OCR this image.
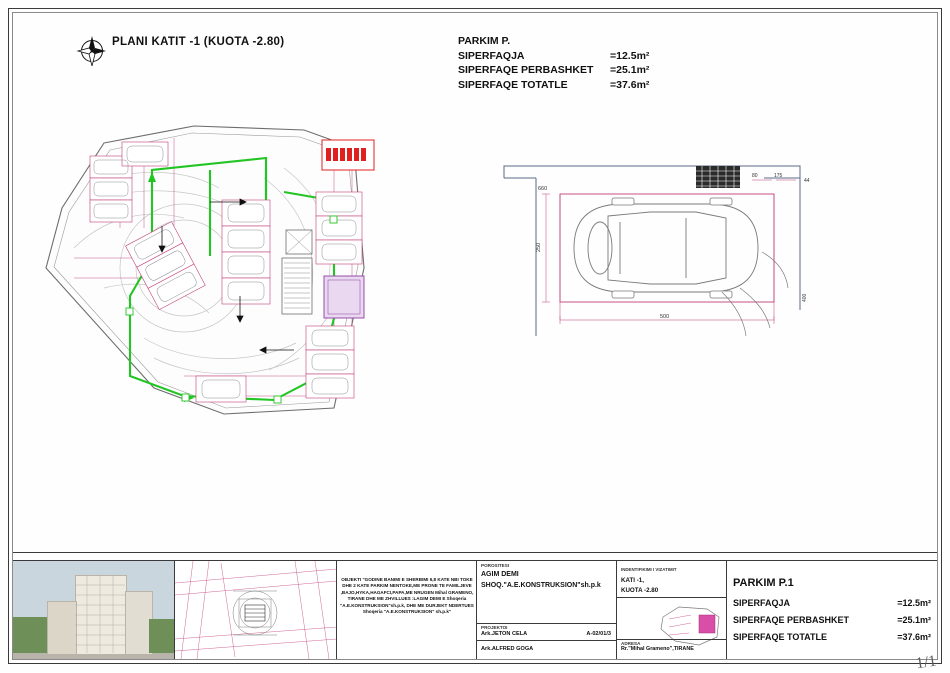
PLANI KATIT -1 (KUOTA -2.80)	PARKIM P.
SIPERFAQJA	=12.5m²
SIPERFAQE PERBASHKET	=25.1m²
SIPERFAQE TOTATLE	=37.6m²
660
250
80	175
44
500
400
OBJEKTI "GODINE BANIMI E SHERBIMI 6,8 KATE NBI TOKE DHE 2 KATE PARKIM NENTOKE,ME PRONE TE FAMILJEVE ,BAJO,HYKA,HAGAFCI,PAPA,ME NRUGEN Mihal GRAMENO, TIRANE DHE ME ZHVILLUES :LAGIM DEMI E Shoqeria "A.E.KONSTRUKSION"sh.p.k, DHE ME DURJEKT NDERTUES Shoqeria "A.E.KONSTRUKSION" sh.p.k"
POROSITESI
AGIM DEMI
SHOQ."A.E.KONSTRUKSION"sh.p.k
PROJEKTOI
Ark.JETON CELA
Ark.ALFRED GOGA
A-02/01/3
INDENTIFIKIMI I VIZATIMIT
KATI -1,
KUOTA -2.80
ADRESA
Rr."Mihal Grameno",TIRANE
PARKIM P.1
SIPERFAQJA	=12.5m²
SIPERFAQE PERBASHKET	=25.1m²
SIPERFAQE TOTATLE	=37.6m²
1/1
